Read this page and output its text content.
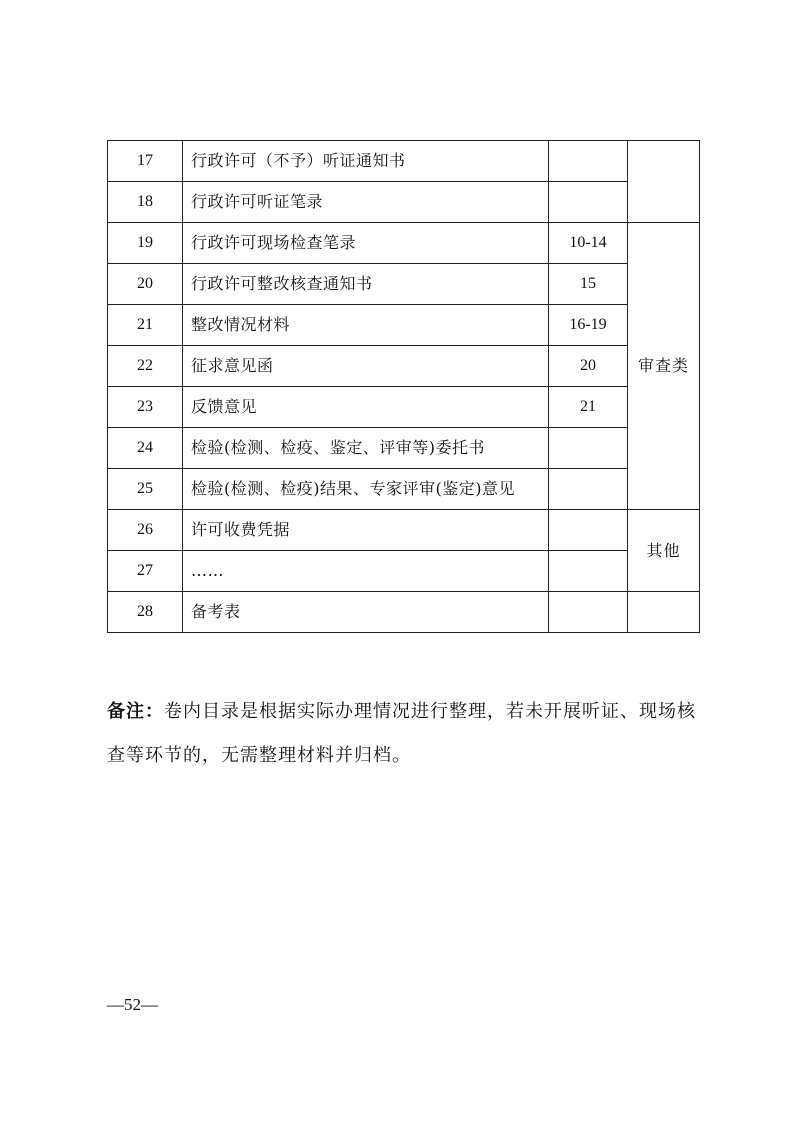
17	行政许可（不予）听证通知书		
18	行政许可听证笔录		
19	行政许可现场检查笔录	10-14	审查类
20	行政许可整改核查通知书	15	
21	整改情况材料	16-19	
22	征求意见函	20	
23	反馈意见	21	
24	检验(检测、检疫、鉴定、评审等)委托书		
25	检验(检测、检疫)结果、专家评审(鉴定)意见		
26	许可收费凭据		其他
27	……		
28	备考表		
备注：卷内目录是根据实际办理情况进行整理，若未开展听证、现场核查等环节的，无需整理材料并归档。
—52—
